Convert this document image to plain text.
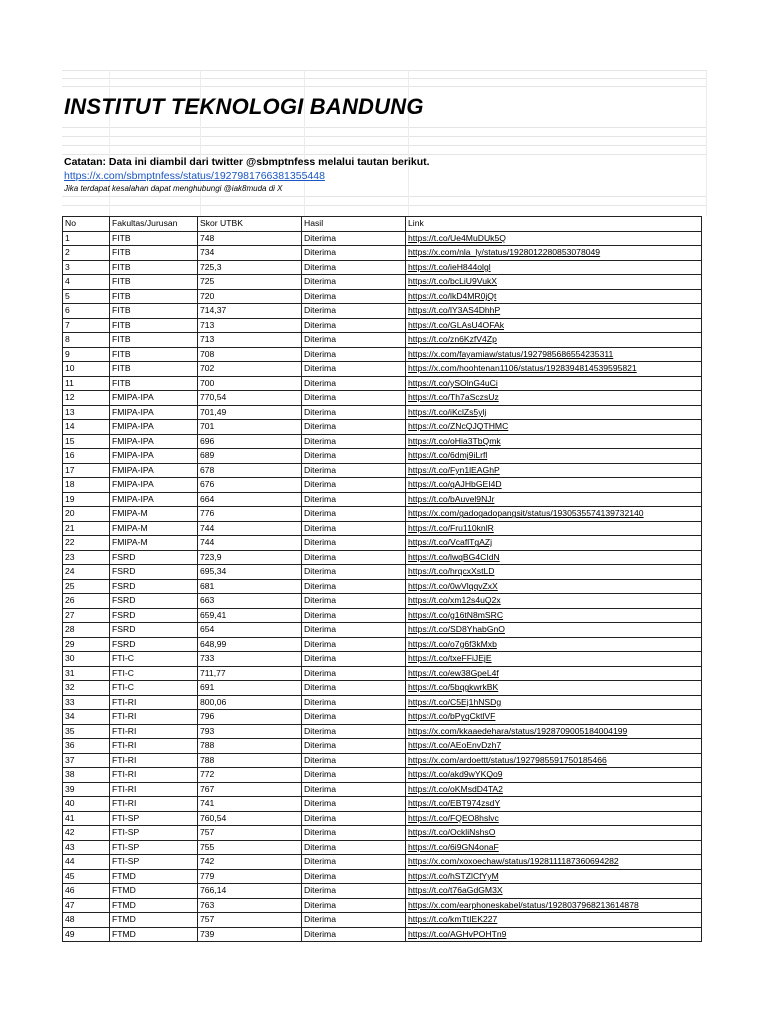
INSTITUT TEKNOLOGI BANDUNG
Catatan: Data ini diambil dari twitter @sbmptnfess melalui tautan berikut.
https://x.com/sbmptnfess/status/1927981766381355448
Jika terdapat kesalahan dapat menghubungi @iak8muda di X
No	Fakultas/Jurusan	Skor UTBK	Hasil	Link
1	FITB	748	Diterima	https://t.co/Ue4MuDUk5Q
2	FITB	734	Diterima	https://x.com/nla_ly/status/1928012280853078049
3	FITB	725,3	Diterima	https://t.co/ieH844olgl
4	FITB	725	Diterima	https://t.co/bcLiU9VukX
5	FITB	720	Diterima	https://t.co/lkD4MR0jQt
6	FITB	714,37	Diterima	https://t.co/lY3AS4DhhP
7	FITB	713	Diterima	https://t.co/GLAsU4OFAk
8	FITB	713	Diterima	https://t.co/zn6KzfV4Zp
9	FITB	708	Diterima	https://x.com/fayamiaw/status/1927985686554235311
10	FITB	702	Diterima	https://x.com/hoohtenan1106/status/1928394814539595821
11	FITB	700	Diterima	https://t.co/ySOlnG4uCi
12	FMIPA-IPA	770,54	Diterima	https://t.co/Th7aSczsUz
13	FMIPA-IPA	701,49	Diterima	https://t.co/iKclZs5ylj
14	FMIPA-IPA	701	Diterima	https://t.co/ZNcQJQTHMC
15	FMIPA-IPA	696	Diterima	https://t.co/oHia3TbQmk
16	FMIPA-IPA	689	Diterima	https://t.co/6dmj9iLrfl
17	FMIPA-IPA	678	Diterima	https://t.co/Fyn1lEAGhP
18	FMIPA-IPA	676	Diterima	https://t.co/qAJHbGEI4D
19	FMIPA-IPA	664	Diterima	https://t.co/bAuvel9NJr
20	FMIPA-M	776	Diterima	https://x.com/gadogadopangsit/status/1930535574139732140
21	FMIPA-M	744	Diterima	https://t.co/Fru110knlR
22	FMIPA-M	744	Diterima	https://t.co/VcaflTgAZj
23	FSRD	723,9	Diterima	https://t.co/lwqBG4CIdN
24	FSRD	695,34	Diterima	https://t.co/hrqcxXstLD
25	FSRD	681	Diterima	https://t.co/0wVlqqvZxX
26	FSRD	663	Diterima	https://t.co/xm12s4uQ2x
27	FSRD	659,41	Diterima	https://t.co/g16tN8mSRC
28	FSRD	654	Diterima	https://t.co/SD8YhabGnO
29	FSRD	648,99	Diterima	https://t.co/o7g6f3kMxb
30	FTI-C	733	Diterima	https://t.co/txeFFiJEjE
31	FTI-C	711,77	Diterima	https://t.co/ew38GpeL4f
32	FTI-C	691	Diterima	https://t.co/5bqgkwrkBK
33	FTI-RI	800,06	Diterima	https://t.co/C5Ej1hNSDg
34	FTI-RI	796	Diterima	https://t.co/bPyqCktlVF
35	FTI-RI	793	Diterima	https://x.com/kkaaedehara/status/1928709005184004199
36	FTI-RI	788	Diterima	https://t.co/AEoEnvDzh7
37	FTI-RI	788	Diterima	https://x.com/ardoettt/status/1927985591750185466
38	FTI-RI	772	Diterima	https://t.co/akd9wYKQo9
39	FTI-RI	767	Diterima	https://t.co/oKMsdD4TA2
40	FTI-RI	741	Diterima	https://t.co/EBT974zsdY
41	FTI-SP	760,54	Diterima	https://t.co/FQEO8hslvc
42	FTI-SP	757	Diterima	https://t.co/OckliNshsO
43	FTI-SP	755	Diterima	https://t.co/6i9GN4onaF
44	FTI-SP	742	Diterima	https://x.com/xoxoechaw/status/1928111187360694282
45	FTMD	779	Diterima	https://t.co/hSTZlCfYyM
46	FTMD	766,14	Diterima	https://t.co/t76aGdGM3X
47	FTMD	763	Diterima	https://x.com/earphoneskabel/status/1928037968213614878
48	FTMD	757	Diterima	https://t.co/kmTtIEK227
49	FTMD	739	Diterima	https://t.co/AGHvPOHTn9
